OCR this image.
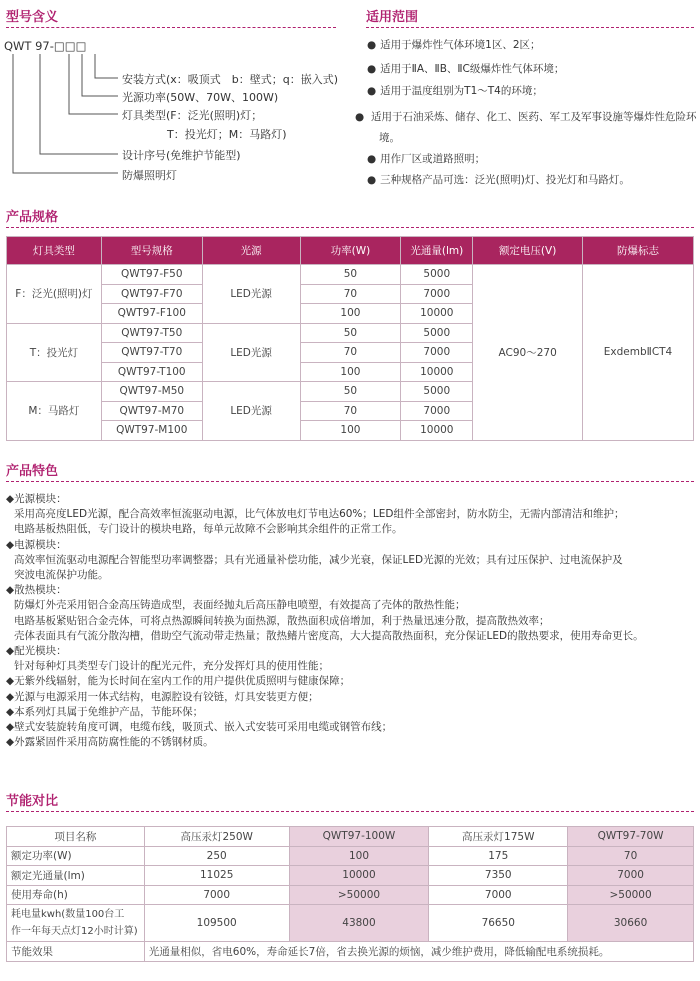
型号含义
QWT 97-□□□
安装方式(x：吸顶式　b：壁式；q：嵌入式)
光源功率(50W、70W、100W)
灯具类型(F：泛光(照明)灯；
T：投光灯；M：马路灯)
设计序号(免维护节能型)
防爆照明灯
适用范围
● 适用于爆炸性气体环境1区、2区；
● 适用于ⅡA、ⅡB、ⅡC级爆炸性气体环境；
● 适用于温度组别为T1～T4的环境；
● 适用于石油采炼、储存、化工、医药、军工及军事设施等爆炸性危险环境。
● 用作厂区或道路照明；
● 三种规格产品可选：泛光(照明)灯、投光灯和马路灯。
产品规格
灯具类型	型号规格	光源	功率(W)	光通量(lm)	额定电压(V)	防爆标志
F：泛光(照明)灯	QWT97-F50	LED光源	50	5000	AC90～270	ExdembⅡCT4
	QWT97-F70		70	7000		
	QWT97-F100		100	10000		
T：投光灯	QWT97-T50	LED光源	50	5000		
	QWT97-T70		70	7000		
	QWT97-T100		100	10000		
M：马路灯	QWT97-M50	LED光源	50	5000		
	QWT97-M70		70	7000		
	QWT97-M100		100	10000		
产品特色
◆光源模块：
采用高亮度LED光源，配合高效率恒流驱动电源，比气体放电灯节电达60%；LED组件全部密封，防水防尘，无需内部清洁和维护；
电路基板热阻低，专门设计的模块电路，每单元故障不会影响其余组件的正常工作。
◆电源模块：
高效率恒流驱动电源配合智能型功率调整器；具有光通量补偿功能，减少光衰，保证LED光源的光效；具有过压保护、过电流保护及
突波电流保护功能。
◆散热模块：
防爆灯外壳采用铝合金高压铸造成型，表面经抛丸后高压静电喷塑，有效提高了壳体的散热性能；
电路基板紧贴铝合金壳体，可将点热源瞬间转换为面热源，散热面积成倍增加，利于热量迅速分散，提高散热效率；
壳体表面具有气流分散沟槽，借助空气流动带走热量；散热鳍片密度高，大大提高散热面积，充分保证LED的散热要求，使用寿命更长。
◆配光模块：
针对每种灯具类型专门设计的配光元件，充分发挥灯具的使用性能；
◆无紫外线辐射，能为长时间在室内工作的用户提供优质照明与健康保障；
◆光源与电源采用一体式结构，电源腔设有铰链，灯具安装更方便；
◆本系列灯具属于免维护产品，节能环保；
◆壁式安装旋转角度可调，电缆布线，吸顶式、嵌入式安装可采用电缆或钢管布线；
◆外露紧固件采用高防腐性能的不锈钢材质。
节能对比
项目名称	高压汞灯250W	QWT97-100W	高压汞灯175W	QWT97-70W
额定功率(W)	250	100	175	70
额定光通量(lm)	11025	10000	7350	7000
使用寿命(h)	7000	>50000	7000	>50000

耗电量kwh(数量100台工
作一年每天点灯12小时计算)	109500	43800	76650	30660
节能效果	光通量相似，省电60%，寿命延长7倍，省去换光源的烦恼，减少维护费用，降低输配电系统损耗。			
